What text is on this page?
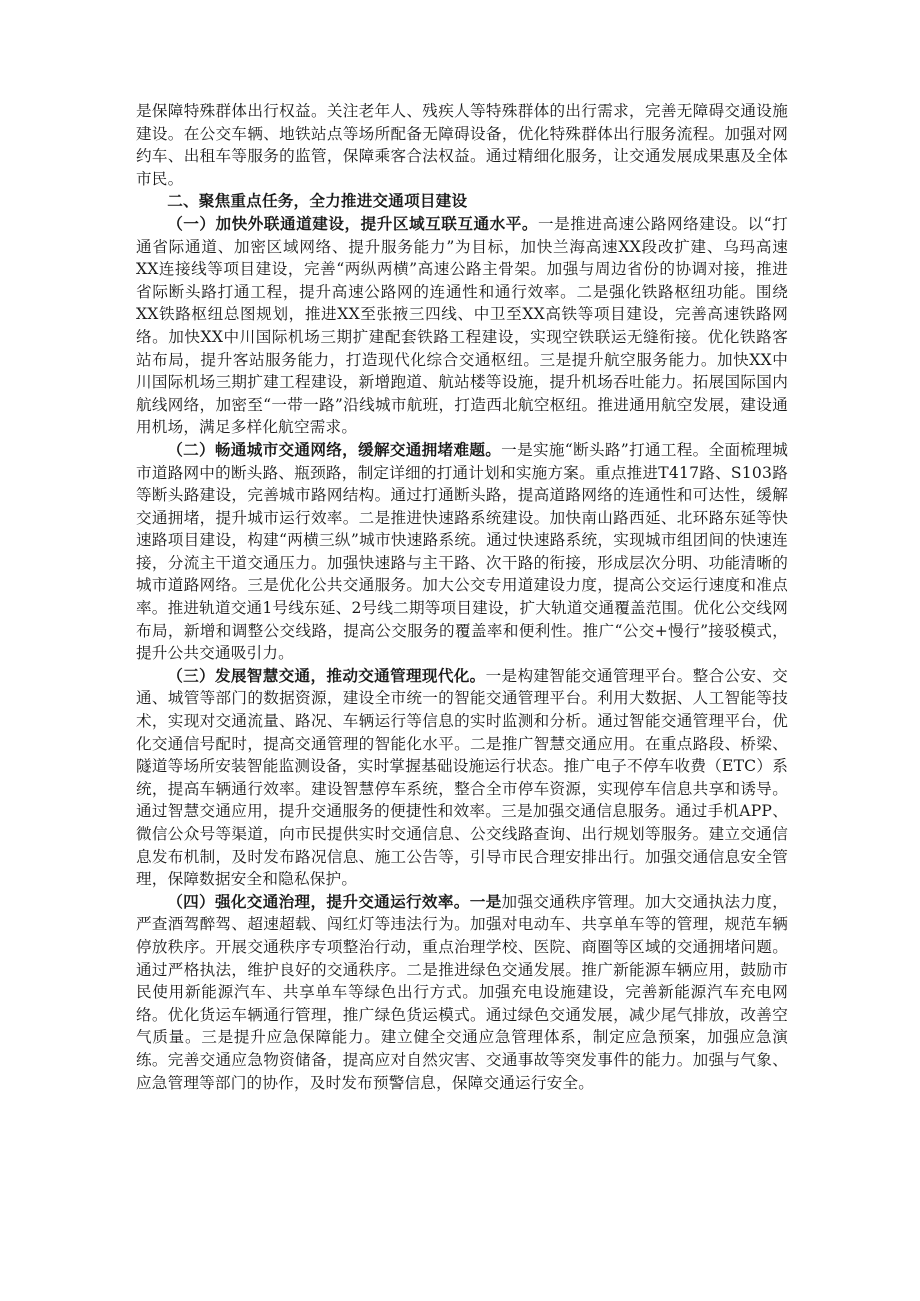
是保障特殊群体出行权益。关注老年人、残疾人等特殊群体的出行需求，完善无障碍交通设施建设。在公交车辆、地铁站点等场所配备无障碍设备，优化特殊群体出行服务流程。加强对网约车、出租车等服务的监管，保障乘客合法权益。通过精细化服务，让交通发展成果惠及全体市民。

二、聚焦重点任务，全力推进交通项目建设

（一）加快外联通道建设，提升区域互联互通水平。一是推进高速公路网络建设。以“打通省际通道、加密区域网络、提升服务能力”为目标，加快兰海高速XX段改扩建、乌玛高速XX连接线等项目建设，完善“两纵两横”高速公路主骨架。加强与周边省份的协调对接，推进省际断头路打通工程，提升高速公路网的连通性和通行效率。二是强化铁路枢纽功能。围绕XX铁路枢纽总图规划，推进XX至张掖三四线、中卫至XX高铁等项目建设，完善高速铁路网络。加快XX中川国际机场三期扩建配套铁路工程建设，实现空铁联运无缝衔接。优化铁路客站布局，提升客站服务能力，打造现代化综合交通枢纽。三是提升航空服务能力。加快XX中川国际机场三期扩建工程建设，新增跑道、航站楼等设施，提升机场吞吐能力。拓展国际国内航线网络，加密至“一带一路”沿线城市航班，打造西北航空枢纽。推进通用航空发展，建设通用机场，满足多样化航空需求。

（二）畅通城市交通网络，缓解交通拥堵难题。一是实施“断头路”打通工程。全面梳理城市道路网中的断头路、瓶颈路，制定详细的打通计划和实施方案。重点推进T417路、S103路等断头路建设，完善城市路网结构。通过打通断头路，提高道路网络的连通性和可达性，缓解交通拥堵，提升城市运行效率。二是推进快速路系统建设。加快南山路西延、北环路东延等快速路项目建设，构建“两横三纵”城市快速路系统。通过快速路系统，实现城市组团间的快速连接，分流主干道交通压力。加强快速路与主干路、次干路的衔接，形成层次分明、功能清晰的城市道路网络。三是优化公共交通服务。加大公交专用道建设力度，提高公交运行速度和准点率。推进轨道交通1号线东延、2号线二期等项目建设，扩大轨道交通覆盖范围。优化公交线网布局，新增和调整公交线路，提高公交服务的覆盖率和便利性。推广“公交+慢行”接驳模式，提升公共交通吸引力。

（三）发展智慧交通，推动交通管理现代化。一是构建智能交通管理平台。整合公安、交通、城管等部门的数据资源，建设全市统一的智能交通管理平台。利用大数据、人工智能等技术，实现对交通流量、路况、车辆运行等信息的实时监测和分析。通过智能交通管理平台，优化交通信号配时，提高交通管理的智能化水平。二是推广智慧交通应用。在重点路段、桥梁、隧道等场所安装智能监测设备，实时掌握基础设施运行状态。推广电子不停车收费（ETC）系统，提高车辆通行效率。建设智慧停车系统，整合全市停车资源，实现停车信息共享和诱导。通过智慧交通应用，提升交通服务的便捷性和效率。三是加强交通信息服务。通过手机APP、微信公众号等渠道，向市民提供实时交通信息、公交线路查询、出行规划等服务。建立交通信息发布机制，及时发布路况信息、施工公告等，引导市民合理安排出行。加强交通信息安全管理，保障数据安全和隐私保护。

（四）强化交通治理，提升交通运行效率。一是加强交通秩序管理。加大交通执法力度，严查酒驾醉驾、超速超载、闯红灯等违法行为。加强对电动车、共享单车等的管理，规范车辆停放秩序。开展交通秩序专项整治行动，重点治理学校、医院、商圈等区域的交通拥堵问题。通过严格执法，维护良好的交通秩序。二是推进绿色交通发展。推广新能源车辆应用，鼓励市民使用新能源汽车、共享单车等绿色出行方式。加强充电设施建设，完善新能源汽车充电网络。优化货运车辆通行管理，推广绿色货运模式。通过绿色交通发展，减少尾气排放，改善空气质量。三是提升应急保障能力。建立健全交通应急管理体系，制定应急预案，加强应急演练。完善交通应急物资储备，提高应对自然灾害、交通事故等突发事件的能力。加强与气象、应急管理等部门的协作，及时发布预警信息，保障交通运行安全。
